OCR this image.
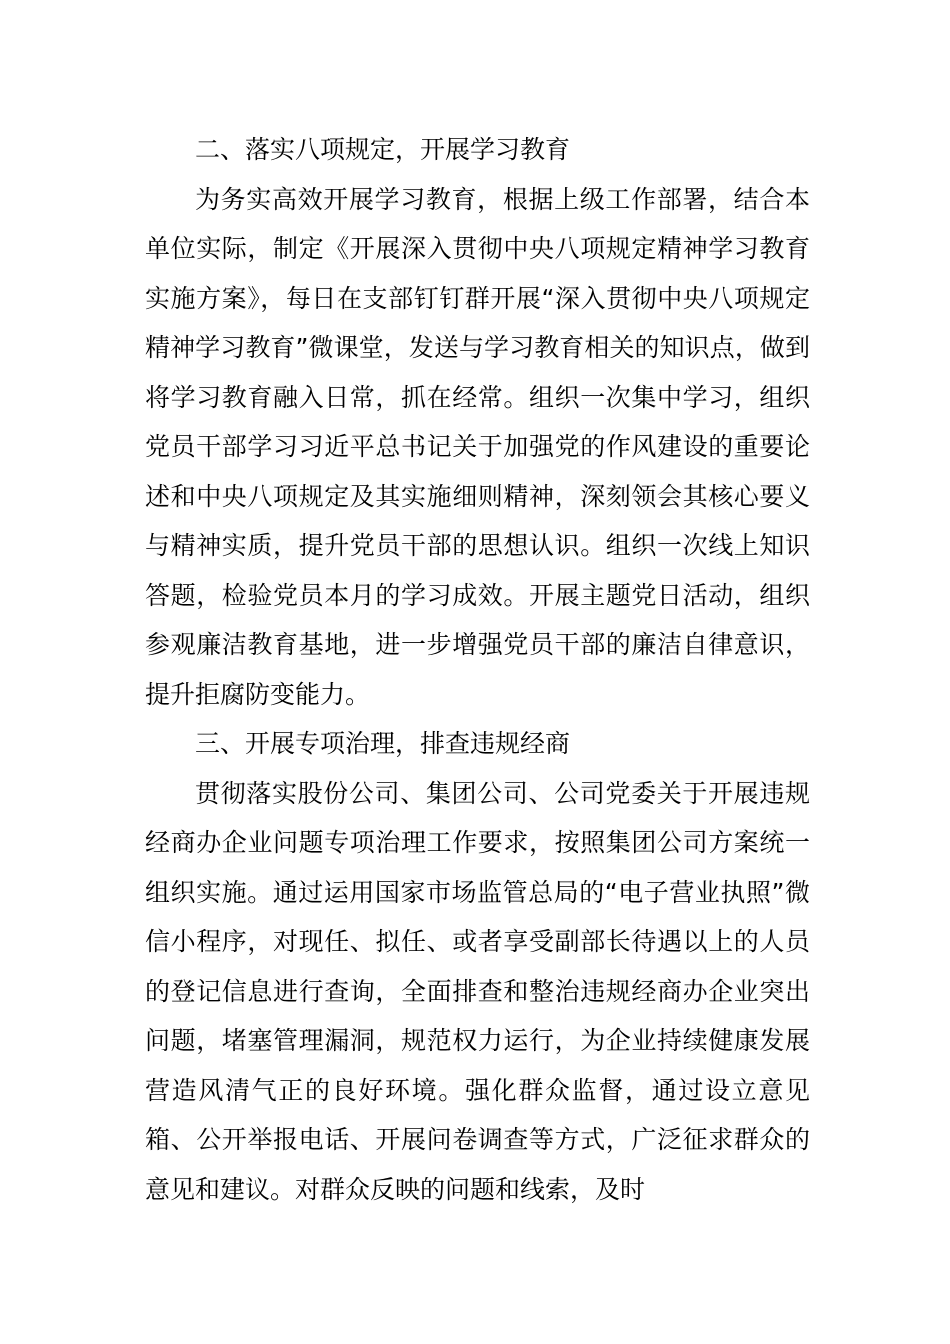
二、落实八项规定，开展学习教育

为务实高效开展学习教育，根据上级工作部署，结合本单位实际，制定《开展深入贯彻中央八项规定精神学习教育实施方案》，每日在支部钉钉群开展“深入贯彻中央八项规定精神学习教育”微课堂，发送与学习教育相关的知识点，做到将学习教育融入日常，抓在经常。组织一次集中学习，组织党员干部学习习近平总书记关于加强党的作风建设的重要论述和中央八项规定及其实施细则精神，深刻领会其核心要义与精神实质，提升党员干部的思想认识。组织一次线上知识答题，检验党员本月的学习成效。开展主题党日活动，组织参观廉洁教育基地，进一步增强党员干部的廉洁自律意识，提升拒腐防变能力。

三、开展专项治理，排查违规经商

贯彻落实股份公司、集团公司、公司党委关于开展违规经商办企业问题专项治理工作要求，按照集团公司方案统一组织实施。通过运用国家市场监管总局的“电子营业执照”微信小程序，对现任、拟任、或者享受副部长待遇以上的人员的登记信息进行查询，全面排查和整治违规经商办企业突出问题，堵塞管理漏洞，规范权力运行，为企业持续健康发展营造风清气正的良好环境。强化群众监督，通过设立意见箱、公开举报电话、开展问卷调查等方式，广泛征求群众的意见和建议。对群众反映的问题和线索，及时
